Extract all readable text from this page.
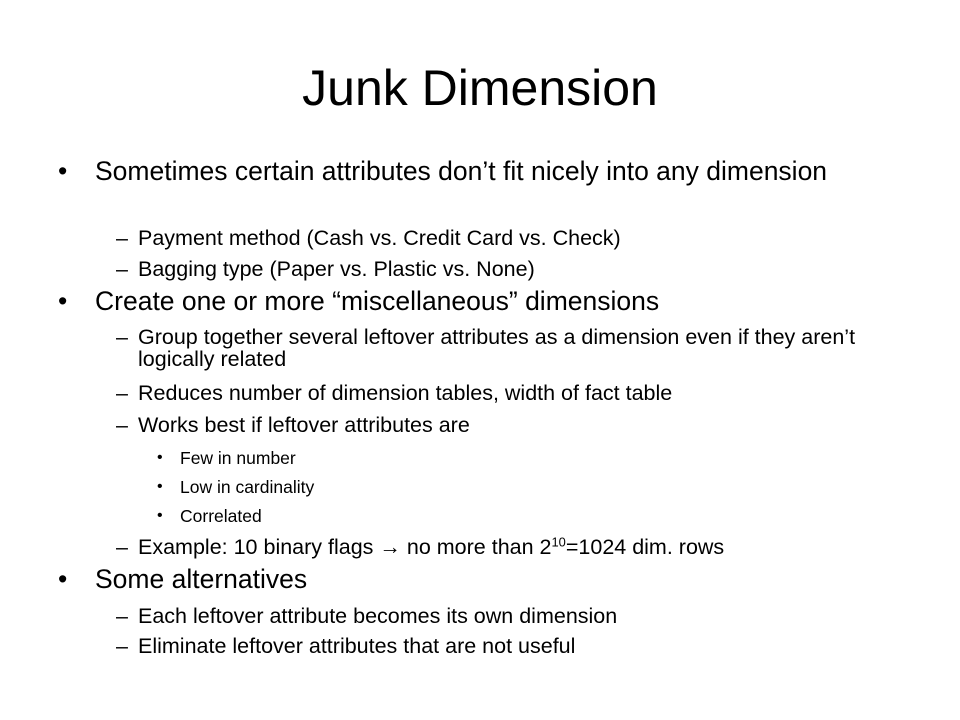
Junk Dimension
• Sometimes certain attributes don’t fit nicely into any dimension
– Payment method (Cash vs. Credit Card vs. Check)
– Bagging type (Paper vs. Plastic vs. None)
• Create one or more “miscellaneous” dimensions
– Group together several leftover attributes as a dimension even if they aren’t logically related
– Reduces number of dimension tables, width of fact table
– Works best if leftover attributes are
• Few in number
• Low in cardinality
• Correlated
– Example: 10 binary flags → no more than $2^{10}=1024$ dim. rows
• Some alternatives
– Each leftover attribute becomes its own dimension
– Eliminate leftover attributes that are not useful
